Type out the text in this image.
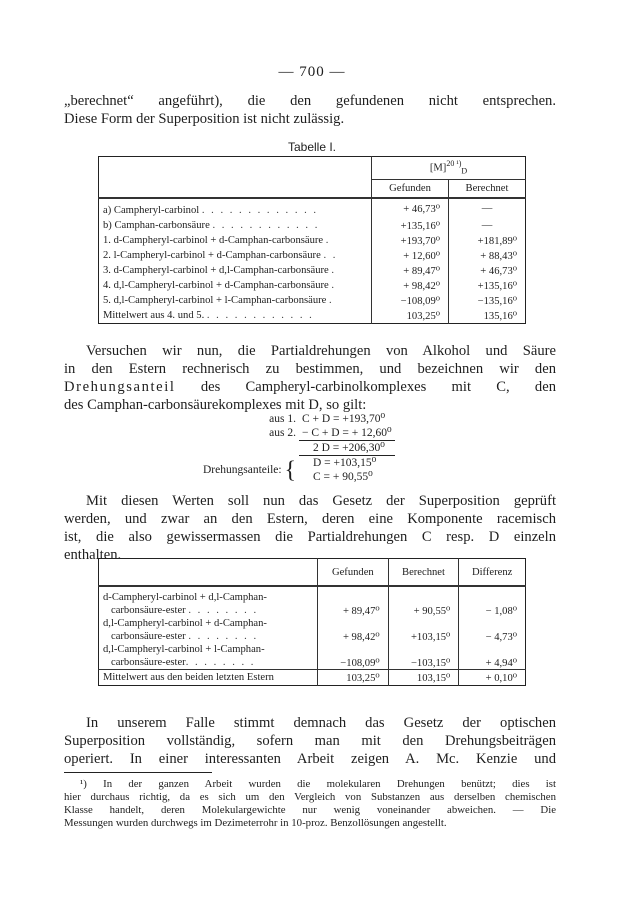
— 700 —
„berechnet“ angeführt), die den gefundenen nicht entsprechen.
Diese Form der Superposition ist nicht zulässig.
Tabelle I.
	$[M]^{20 ^1)}_D$
	Gefunden	Berechnet
a) Campheryl-carbinol . . . . . . . . . . . . .	+ 46,73⁰	—
b) Camphan-carbonsäure . . . . . . . . . . . .	+135,16⁰	—
1. d-Campheryl-carbinol + d-Camphan-carbonsäure .	+193,70⁰	+181,89⁰
2. l-Campheryl-carbinol + d-Camphan-carbonsäure . .	+ 12,60⁰	+ 88,43⁰
3. d-Campheryl-carbinol + d,l-Camphan-carbonsäure .	+ 89,47⁰	+ 46,73⁰
4. d,l-Campheryl-carbinol + d-Camphan-carbonsäure .	+ 98,42⁰	+135,16⁰
5. d,l-Campheryl-carbinol + l-Camphan-carbonsäure .	−108,09⁰	−135,16⁰
Mittelwert aus 4. und 5. . . . . . . . . . . . .	103,25⁰	135,16⁰
Versuchen wir nun, die Partialdrehungen von Alkohol und Säure
in den Estern rechnerisch zu bestimmen, und bezeichnen wir den
Drehungsanteil des Campheryl-carbinolkomplexes mit C, den
des Camphan-carbonsäurekomplexes mit D, so gilt:
aus 1.	C + D = +193,70⁰
aus 2.	− C + D = + 12,60⁰
	2 D = +206,30⁰
Drehungsanteile: {	D = +103,15⁰
	C = + 90,55⁰
Mit diesen Werten soll nun das Gesetz der Superposition geprüft
werden, und zwar an den Estern, deren eine Komponente racemisch
ist, die also gewissermassen die Partialdrehungen C resp. D einzeln
enthalten.
	Gefunden	Berechnet	Differenz
d-Campheryl-carbinol + d,l-Camphan-
carbonsäure-ester . . . . . . . .	+ 89,47⁰	+ 90,55⁰	− 1,08⁰
d,l-Campheryl-carbinol + d-Camphan-
carbonsäure-ester . . . . . . . .	+ 98,42⁰	+103,15⁰	− 4,73⁰
d,l-Campheryl-carbinol + l-Camphan-
carbonsäure-ester. . . . . . . .	−108,09⁰	−103,15⁰	+ 4,94⁰
Mittelwert aus den beiden letzten Estern	103,25⁰	103,15⁰	+ 0,10⁰
In unserem Falle stimmt demnach das Gesetz der optischen
Superposition vollständig, sofern man mit den Drehungsbeiträgen
operiert. In einer interessanten Arbeit zeigen A. Mc. Kenzie und
¹) In der ganzen Arbeit wurden die molekularen Drehungen benützt; dies ist
hier durchaus richtig, da es sich um den Vergleich von Substanzen aus derselben chemischen
Klasse handelt, deren Molekulargewichte nur wenig voneinander abweichen. — Die
Messungen wurden durchwegs im Dezimeterrohr in 10-proz. Benzollösungen angestellt.
